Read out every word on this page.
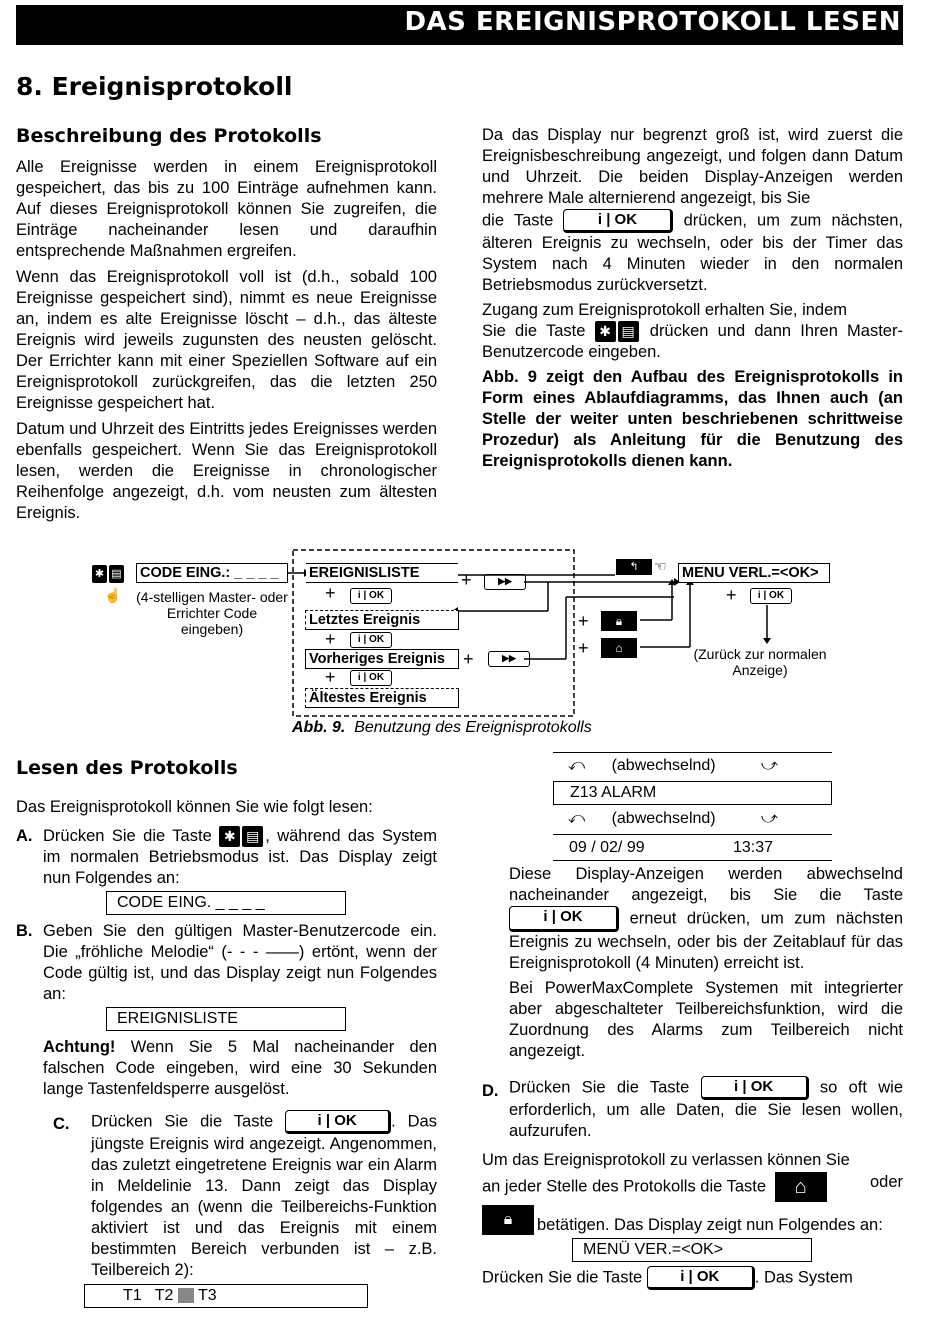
DAS EREIGNISPROTOKOLL LESEN
8. Ereignisprotokoll
Beschreibung des Protokolls

Alle Ereignisse werden in einem Ereignisprotokoll gespeichert, das bis zu 100 Einträge aufnehmen kann. Auf dieses Ereignisprotokoll können Sie zugreifen, die Einträge nacheinander lesen und daraufhin entsprechende Maßnahmen ergreifen.

Wenn das Ereignisprotokoll voll ist (d.h., sobald 100 Ereignisse gespeichert sind), nimmt es neue Ereignisse an, indem es alte Ereignisse löscht – d.h., das älteste Ereignis wird jeweils zugunsten des neusten gelöscht. Der Errichter kann mit einer Speziellen Software auf ein Ereignisprotokoll zurückgreifen, das die letzten 250 Ereignisse gespeichert hat.

Datum und Uhrzeit des Eintritts jedes Ereignisses werden ebenfalls gespeichert. Wenn Sie das Ereignisprotokoll lesen, werden die Ereignisse in chronologischer Reihenfolge angezeigt, d.h. vom neusten zum ältesten Ereignis.

Da das Display nur begrenzt groß ist, wird zuerst die Ereignisbeschreibung angezeigt, und folgen dann Datum und Uhrzeit. Die beiden Display-Anzeigen werden mehrere Male alternierend angezeigt, bis Sie

die Taste	i | OK	drücken, um zum nächsten, älteren Ereignis zu wechseln, oder bis der Timer das System nach 4 Minuten wieder in den normalen Betriebsmodus zurückversetzt.

Zugang zum Ereignisprotokoll erhalten Sie, indem

Sie die Taste ✱ ▤ drücken und dann Ihren Master-Benutzercode eingeben.

Abb. 9 zeigt den Aufbau des Ereignisprotokolls in Form eines Ablaufdiagramms, das Ihnen auch (an Stelle der weiter unten beschriebenen schrittweise Prozedur) als Anleitung für die Benutzung des Ereignisprotokolls dienen kann.

✱ ▤
☝
CODE EING.: _ _ _ _
(4-stelligen Master- oder Errichter Code eingeben)
EREIGNISLISTE
+	i | OK
Letztes Ereignis
+	i | OK
Vorheriges Ereignis
+	i | OK
Ältestes Ereignis
+	▶▶
+	▶▶
↰	☜ MENU VERL.=<OK>
+	i | OK
(Zurück zur normalen Anzeige)
+	🔒︎
+	⌂
Abb. 9. Benutzung des Ereignisprotokolls
Lesen des Protokolls
Das Ereignisprotokoll können Sie wie folgt lesen:
A. Drücken Sie die Taste ✱ ▤ , während das System im normalen Betriebsmodus ist. Das Display zeigt nun Folgendes an:
CODE EING. _ _ _ _
B. Geben Sie den gültigen Master-Benutzercode ein. Die „fröhliche Melodie“ (- - - ——) ertönt, wenn der Code gültig ist, und das Display zeigt nun Folgendes an:
EREIGNISLISTE
Achtung! Wenn Sie 5 Mal nacheinander den falschen Code eingeben, wird eine 30 Sekunden lange Tastenfeldsperre ausgelöst.
C. Drücken Sie die Taste	i | OK . Das jüngste Ereignis wird angezeigt. Angenommen, das zuletzt eingetretene Ereignis war ein Alarm in Meldelinie 13. Dann zeigt das Display folgendes an (wenn die Teilbereichs-Funktion aktiviert ist und das Ereignis mit einem bestimmten Bereich verbunden ist – z.B. Teilbereich 2):
T1 T2 T3
⤺ (abwechselnd)	⤻
Z13 ALARM
⤺ (abwechselnd)	⤻
09 / 02/ 99	13:37

Diese Display-Anzeigen werden abwechselnd nacheinander angezeigt, bis Sie die Taste i | OK	erneut drücken, um zum nächsten Ereignis zu wechseln, oder bis der Zeitablauf für das Ereignisprotokoll (4 Minuten) erreicht ist.

Bei PowerMaxComplete Systemen mit integrierter aber abgeschalteter Teilbereichsfunktion, wird die Zuordnung des Alarms zum Teilbereich nicht angezeigt.

D. Drücken Sie die Taste	i | OK	so oft wie erforderlich, um alle Daten, die Sie lesen wollen, aufzurufen.

Um das Ereignisprotokoll zu verlassen können Sie

an jeder Stelle des Protokolls die Taste ⌂	oder
🔒︎	betätigen. Das Display zeigt nun Folgendes an:
MENÜ VER.=<OK>
Drücken Sie die Taste	i | OK . Das System
